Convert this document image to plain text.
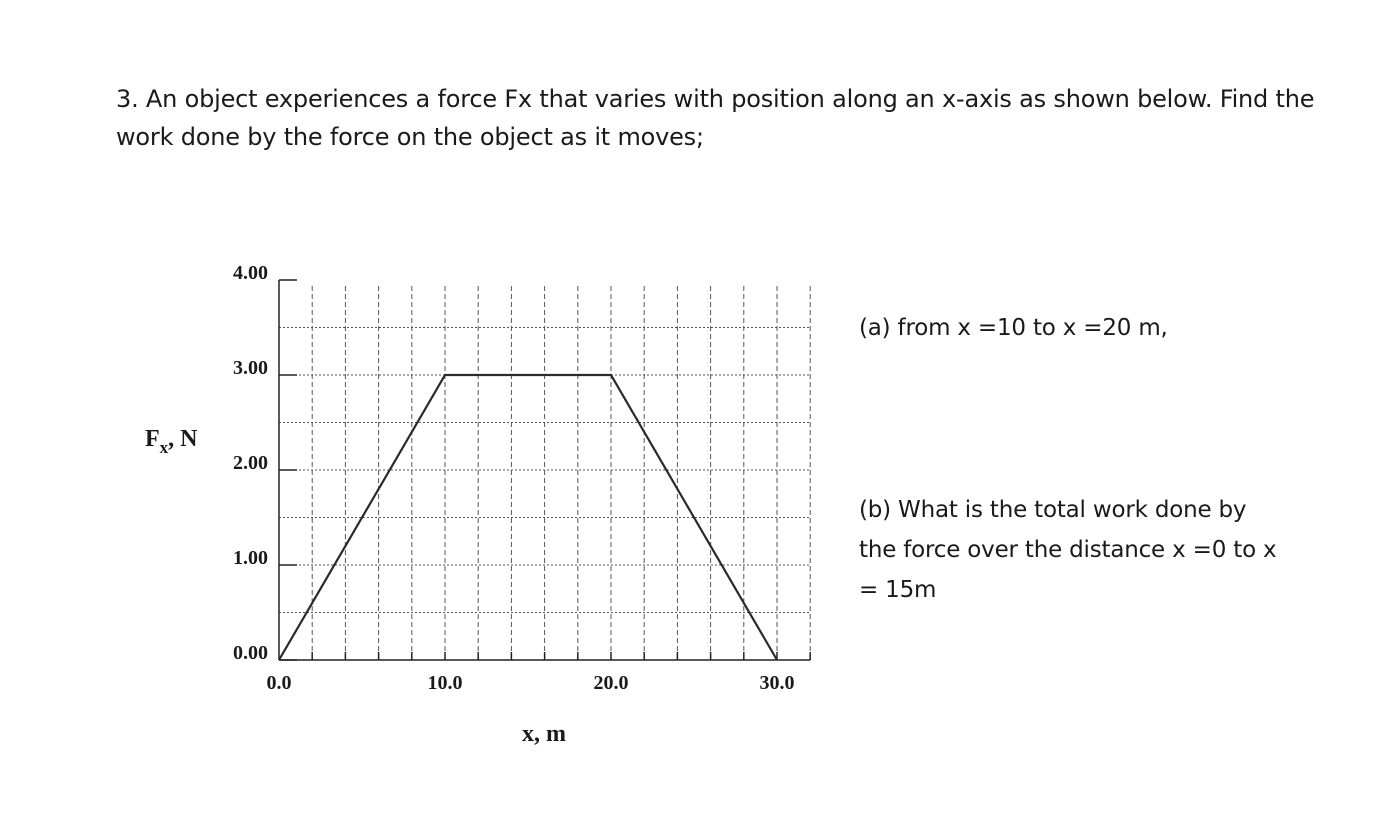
3. An object experiences a force Fx that varies with position along an x-axis as shown below. Find the

work done by the force on the object as it moves;

0.00
1.00
2.00
3.00
4.00
0.0	10.0	20.0	30.0
x, m
$F_x$, N

(a) from x =10 to x =20 m,

(b) What is the total work done by

the force over the distance x =0 to x

= 15m
